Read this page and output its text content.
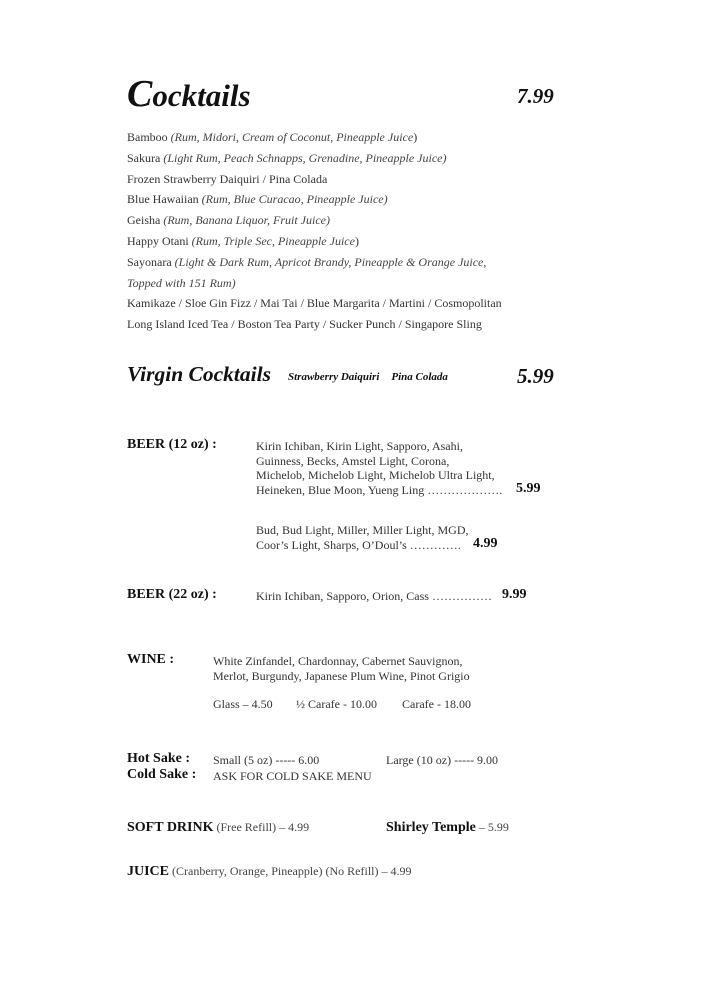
Cocktails	7.99
Bamboo (Rum, Midori, Cream of Coconut, Pineapple Juice)
Sakura (Light Rum, Peach Schnapps, Grenadine, Pineapple Juice)
Frozen Strawberry Daiquiri / Pina Colada
Blue Hawaiian (Rum, Blue Curacao, Pineapple Juice)
Geisha (Rum, Banana Liquor, Fruit Juice)
Happy Otani (Rum, Triple Sec, Pineapple Juice)
Sayonara (Light & Dark Rum, Apricot Brandy, Pineapple & Orange Juice,
Topped with 151 Rum)
Kamikaze / Sloe Gin Fizz / Mai Tai / Blue Margarita / Martini / Cosmopolitan
Long Island Iced Tea / Boston Tea Party / Sucker Punch / Singapore Sling
Virgin Cocktails Strawberry Daiquiri Pina Colada	5.99
BEER (12 oz) :	Kirin Ichiban, Kirin Light, Sapporo, Asahi,
Guinness, Becks, Amstel Light, Corona,
Michelob, Michelob Light, Michelob Ultra Light,
Heineken, Blue Moon, Yueng Ling ………………. 5.99
Bud, Bud Light, Miller, Miller Light, MGD,
Coor’s Light, Sharps, O’Doul’s …………. 4.99
BEER (22 oz) :	Kirin Ichiban, Sapporo, Orion, Cass …………… 9.99
WINE :	White Zinfandel, Chardonnay, Cabernet Sauvignon,
Merlot, Burgundy, Japanese Plum Wine, Pinot Grigio
Glass – 4.50 ½ Carafe - 10.00 Carafe - 18.00
Hot Sake : Small (5 oz) ----- 6.00	Large (10 oz) ----- 9.00
Cold Sake : ASK FOR COLD SAKE MENU
SOFT DRINK (Free Refill) – 4.99	Shirley Temple – 5.99
JUICE (Cranberry, Orange, Pineapple) (No Refill) – 4.99
